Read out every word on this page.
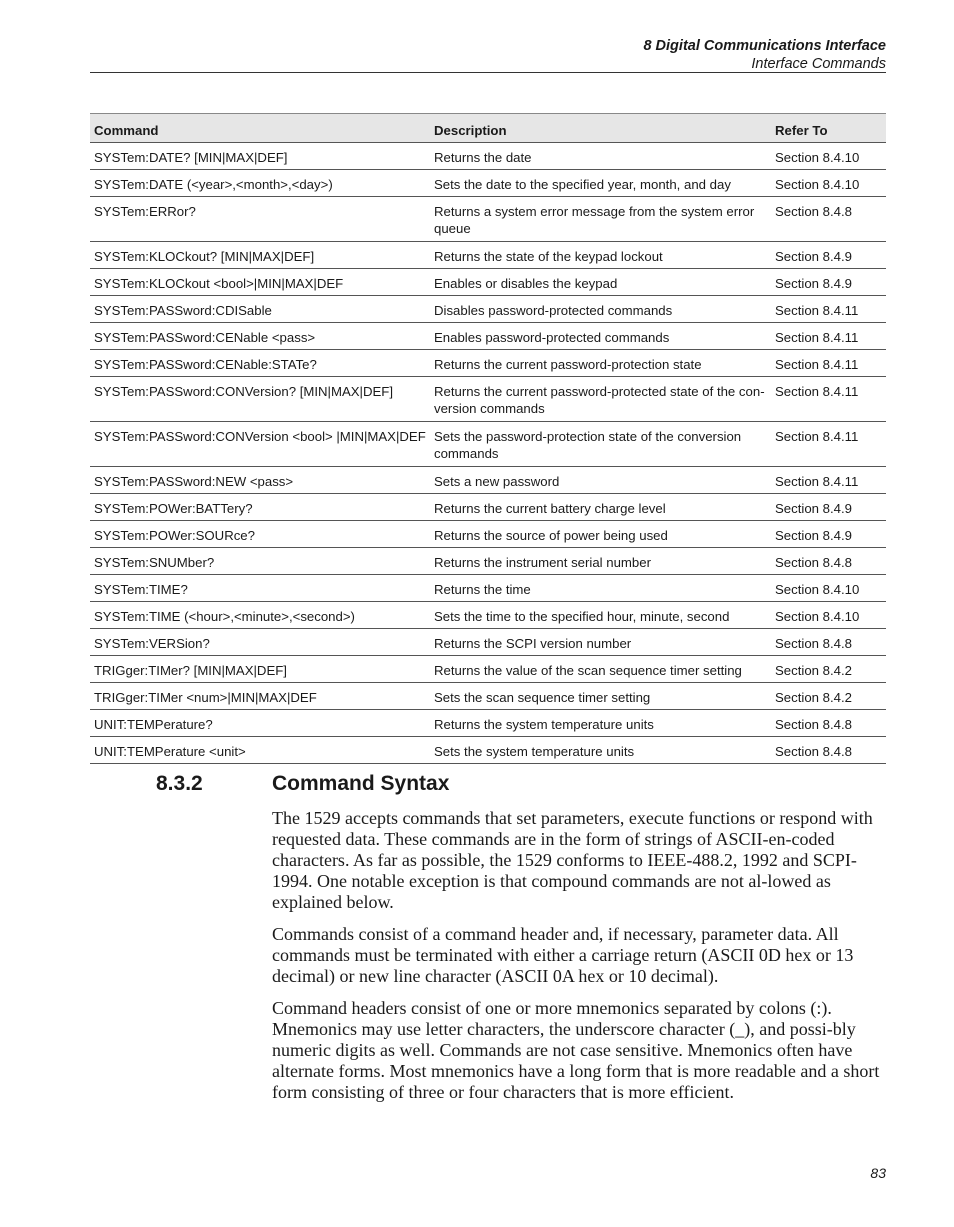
8 Digital Communications Interface
Interface Commands
Command	Description	Refer To
SYSTem:DATE? [MIN|MAX|DEF]	Returns the date	Section 8.4.10
SYSTem:DATE (<year>,<month>,<day>)	Sets the date to the specified year, month, and day	Section 8.4.10
SYSTem:ERRor?	Returns a system error message from the system error queue	Section 8.4.8
SYSTem:KLOCkout? [MIN|MAX|DEF]	Returns the state of the keypad lockout	Section 8.4.9
SYSTem:KLOCkout <bool>|MIN|MAX|DEF	Enables or disables the keypad	Section 8.4.9
SYSTem:PASSword:CDISable	Disables password-protected commands	Section 8.4.11
SYSTem:PASSword:CENable <pass>	Enables password-protected commands	Section 8.4.11
SYSTem:PASSword:CENable:STATe?	Returns the current password-protection state	Section 8.4.11
SYSTem:PASSword:CONVersion? [MIN|MAX|DEF]	Returns the current password-protected state of the con-version commands	Section 8.4.11
SYSTem:PASSword:CONVersion <bool> |MIN|MAX|DEF	Sets the password-protection state of the conversion commands	Section 8.4.11
SYSTem:PASSword:NEW <pass>	Sets a new password	Section 8.4.11
SYSTem:POWer:BATTery?	Returns the current battery charge level	Section 8.4.9
SYSTem:POWer:SOURce?	Returns the source of power being used	Section 8.4.9
SYSTem:SNUMber?	Returns the instrument serial number	Section 8.4.8
SYSTem:TIME?	Returns the time	Section 8.4.10
SYSTem:TIME (<hour>,<minute>,<second>)	Sets the time to the specified hour, minute, second	Section 8.4.10
SYSTem:VERSion?	Returns the SCPI version number	Section 8.4.8
TRIGger:TIMer? [MIN|MAX|DEF]	Returns the value of the scan sequence timer setting	Section 8.4.2
TRIGger:TIMer <num>|MIN|MAX|DEF	Sets the scan sequence timer setting	Section 8.4.2
UNIT:TEMPerature?	Returns the system temperature units	Section 8.4.8
UNIT:TEMPerature <unit>	Sets the system temperature units	Section 8.4.8
8.3.2	Command Syntax

The 1529 accepts commands that set parameters, execute functions or respond with requested data. These commands are in the form of strings of ASCII-en-coded characters. As far as possible, the 1529 conforms to IEEE-488.2, 1992 and SCPI-1994. One notable exception is that compound commands are not al-lowed as explained below.

Commands consist of a command header and, if necessary, parameter data. All commands must be terminated with either a carriage return (ASCII 0D hex or 13 decimal) or new line character (ASCII 0A hex or 10 decimal).

Command headers consist of one or more mnemonics separated by colons (:). Mnemonics may use letter characters, the underscore character (_), and possi-bly numeric digits as well. Commands are not case sensitive. Mnemonics often have alternate forms. Most mnemonics have a long form that is more readable and a short form consisting of three or four characters that is more efficient.

83
